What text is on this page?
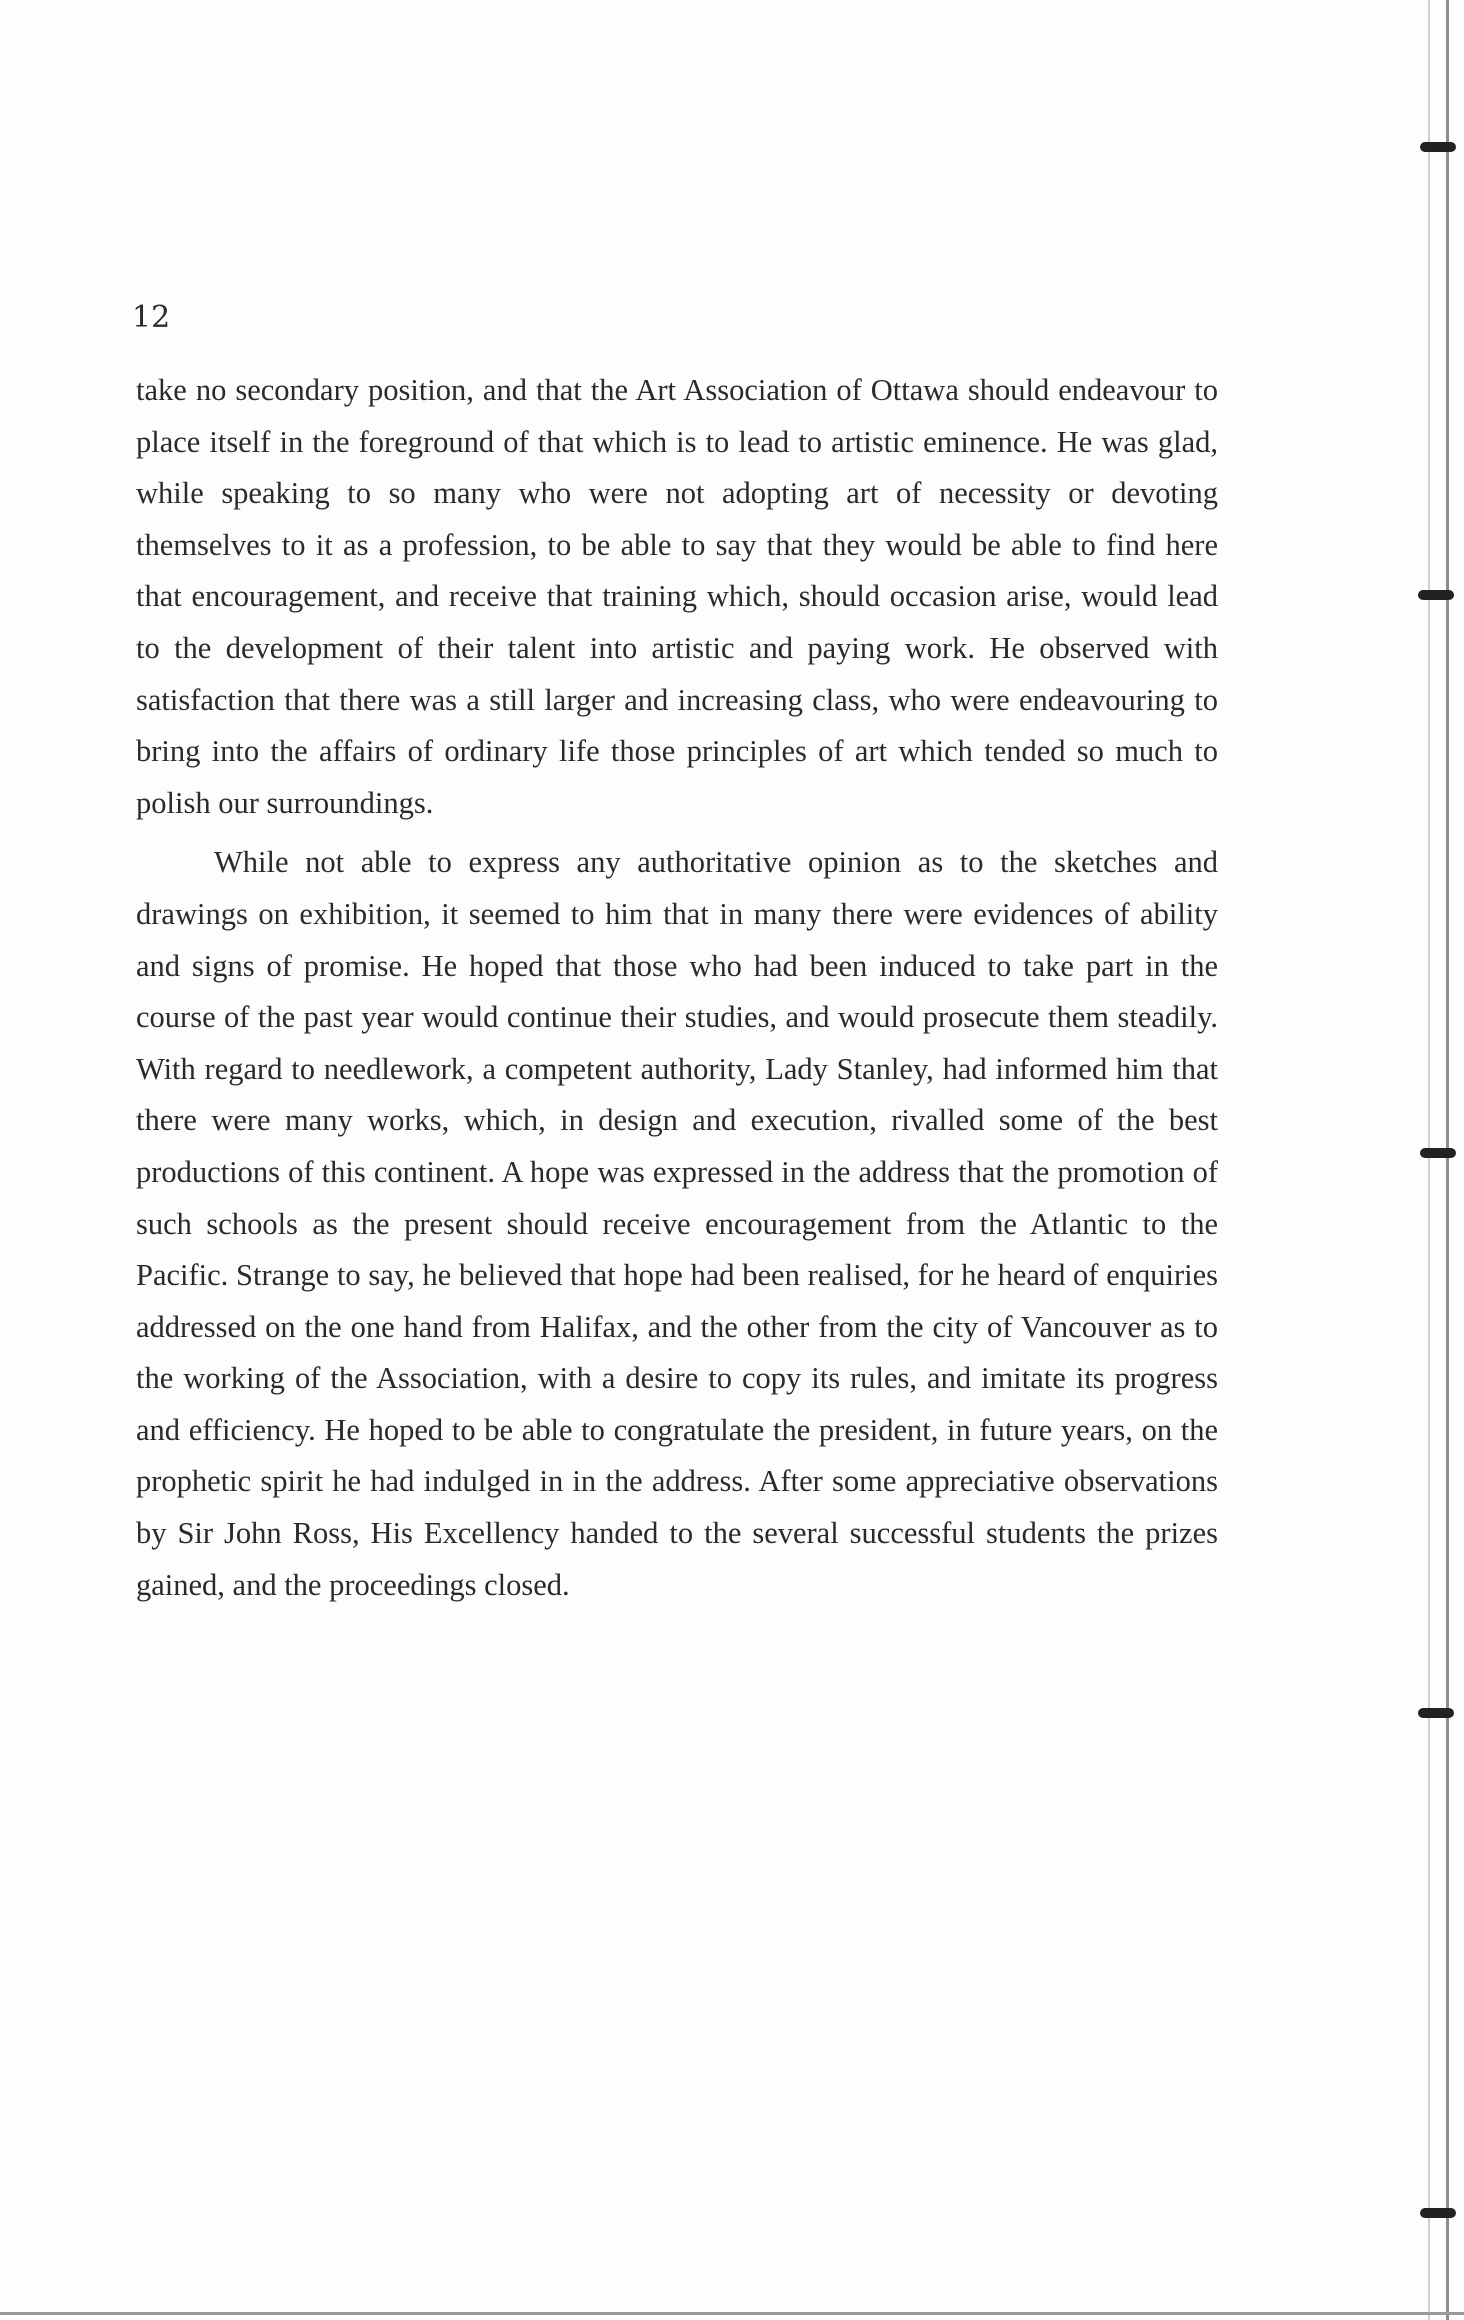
12

take no secondary position, and that the Art Association of Ottawa should endeavour to place itself in the foreground of that which is to lead to artistic eminence. He was glad, while speaking to so many who were not adopting art of necessity or devoting themselves to it as a profession, to be able to say that they would be able to find here that encouragement, and receive that training which, should occasion arise, would lead to the development of their talent into artistic and paying work. He observed with satisfaction that there was a still larger and increasing class, who were endeavouring to bring into the affairs of ordinary life those principles of art which tended so much to polish our surroundings.

While not able to express any authoritative opinion as to the sketches and drawings on exhibition, it seemed to him that in many there were evidences of ability and signs of promise. He hoped that those who had been induced to take part in the course of the past year would continue their studies, and would prosecute them steadily. With regard to needlework, a competent authority, Lady Stanley, had informed him that there were many works, which, in design and execution, rivalled some of the best productions of this continent. A hope was expressed in the address that the promotion of such schools as the present should receive encouragement from the Atlantic to the Pacific. Strange to say, he believed that hope had been realised, for he heard of enquiries addressed on the one hand from Halifax, and the other from the city of Vancouver as to the working of the Association, with a desire to copy its rules, and imitate its progress and efficiency. He hoped to be able to congratulate the president, in future years, on the prophetic spirit he had indulged in in the address. After some appreciative observations by Sir John Ross, His Excellency handed to the several successful students the prizes gained, and the proceedings closed.
